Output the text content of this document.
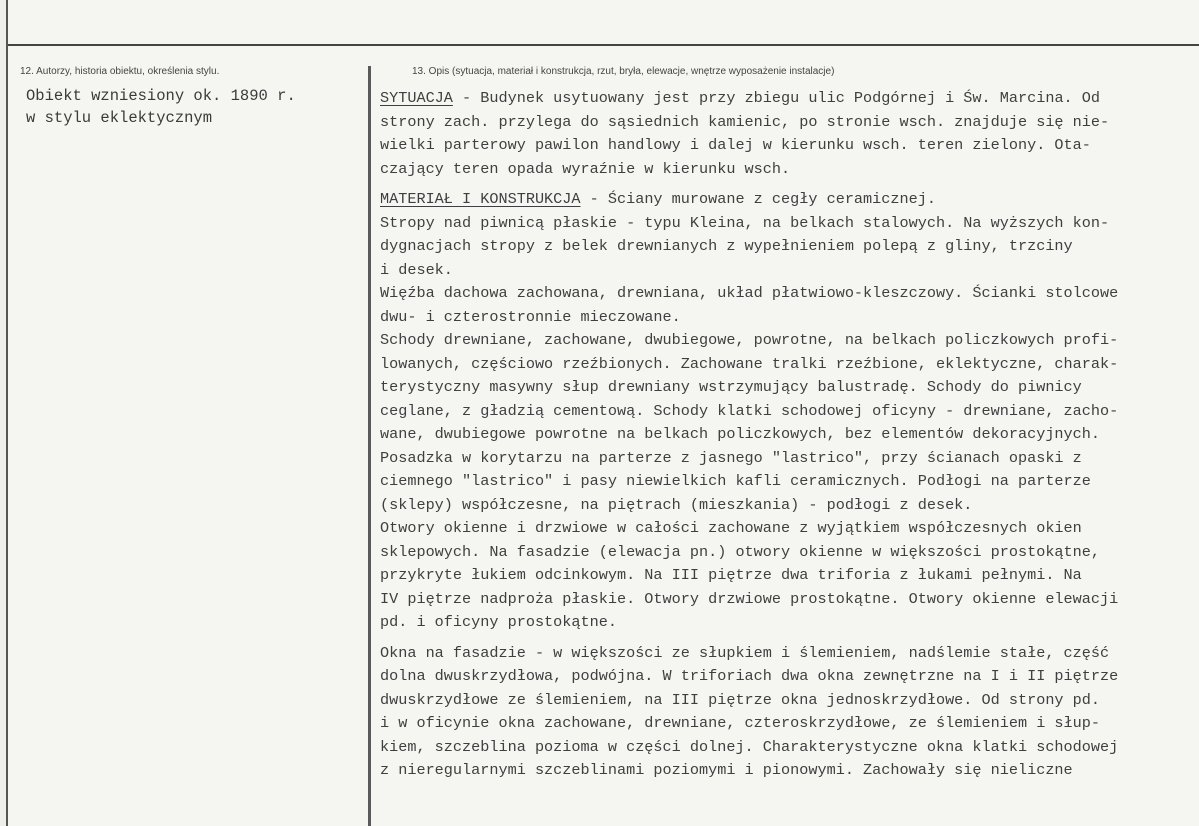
12. Autorzy, historia obiektu, określenia stylu.	13. Opis (sytuacja, materiał i konstrukcja, rzut, bryła, elewacje, wnętrze wyposażenie instalacje)
Obiekt wzniesiony ok. 1890 r.
w stylu eklektycznym
SYTUACJA - Budynek usytuowany jest przy zbiegu ulic Podgórnej i Św. Marcina. Od
strony zach. przylega do sąsiednich kamienic, po stronie wsch. znajduje się nie-
wielki parterowy pawilon handlowy i dalej w kierunku wsch. teren zielony. Ota-
czający teren opada wyraźnie w kierunku wsch.
MATERIAŁ I KONSTRUKCJA - Ściany murowane z cegły ceramicznej.
Stropy nad piwnicą płaskie - typu Kleina, na belkach stalowych. Na wyższych kon-
dygnacjach stropy z belek drewnianych z wypełnieniem polepą z gliny, trzciny
i desek.
Więźba dachowa zachowana, drewniana, układ płatwiowo-kleszczowy. Ścianki stolcowe
dwu- i czterostronnie mieczowane.
Schody drewniane, zachowane, dwubiegowe, powrotne, na belkach policzkowych profi-
lowanych, częściowo rzeźbionych. Zachowane tralki rzeźbione, eklektyczne, charak-
terystyczny masywny słup drewniany wstrzymujący balustradę. Schody do piwnicy
ceglane, z gładzią cementową. Schody klatki schodowej oficyny - drewniane, zacho-
wane, dwubiegowe powrotne na belkach policzkowych, bez elementów dekoracyjnych.
Posadzka w korytarzu na parterze z jasnego "lastrico", przy ścianach opaski z
ciemnego "lastrico" i pasy niewielkich kafli ceramicznych. Podłogi na parterze
(sklepy) współczesne, na piętrach (mieszkania) - podłogi z desek.
Otwory okienne i drzwiowe w całości zachowane z wyjątkiem współczesnych okien
sklepowych. Na fasadzie (elewacja pn.) otwory okienne w większości prostokątne,
przykryte łukiem odcinkowym. Na III piętrze dwa triforia z łukami pełnymi. Na
IV piętrze nadproża płaskie. Otwory drzwiowe prostokątne. Otwory okienne elewacji
pd. i oficyny prostokątne.
Okna na fasadzie - w większości ze słupkiem i ślemieniem, nadślemie stałe, część
dolna dwuskrzydłowa, podwójna. W triforiach dwa okna zewnętrzne na I i II piętrze
dwuskrzydłowe ze ślemieniem, na III piętrze okna jednoskrzydłowe. Od strony pd.
i w oficynie okna zachowane, drewniane, czteroskrzydłowe, ze ślemieniem i słup-
kiem, szczeblina pozioma w części dolnej. Charakterystyczne okna klatki schodowej
z nieregularnymi szczeblinami poziomymi i pionowymi. Zachowały się nieliczne
